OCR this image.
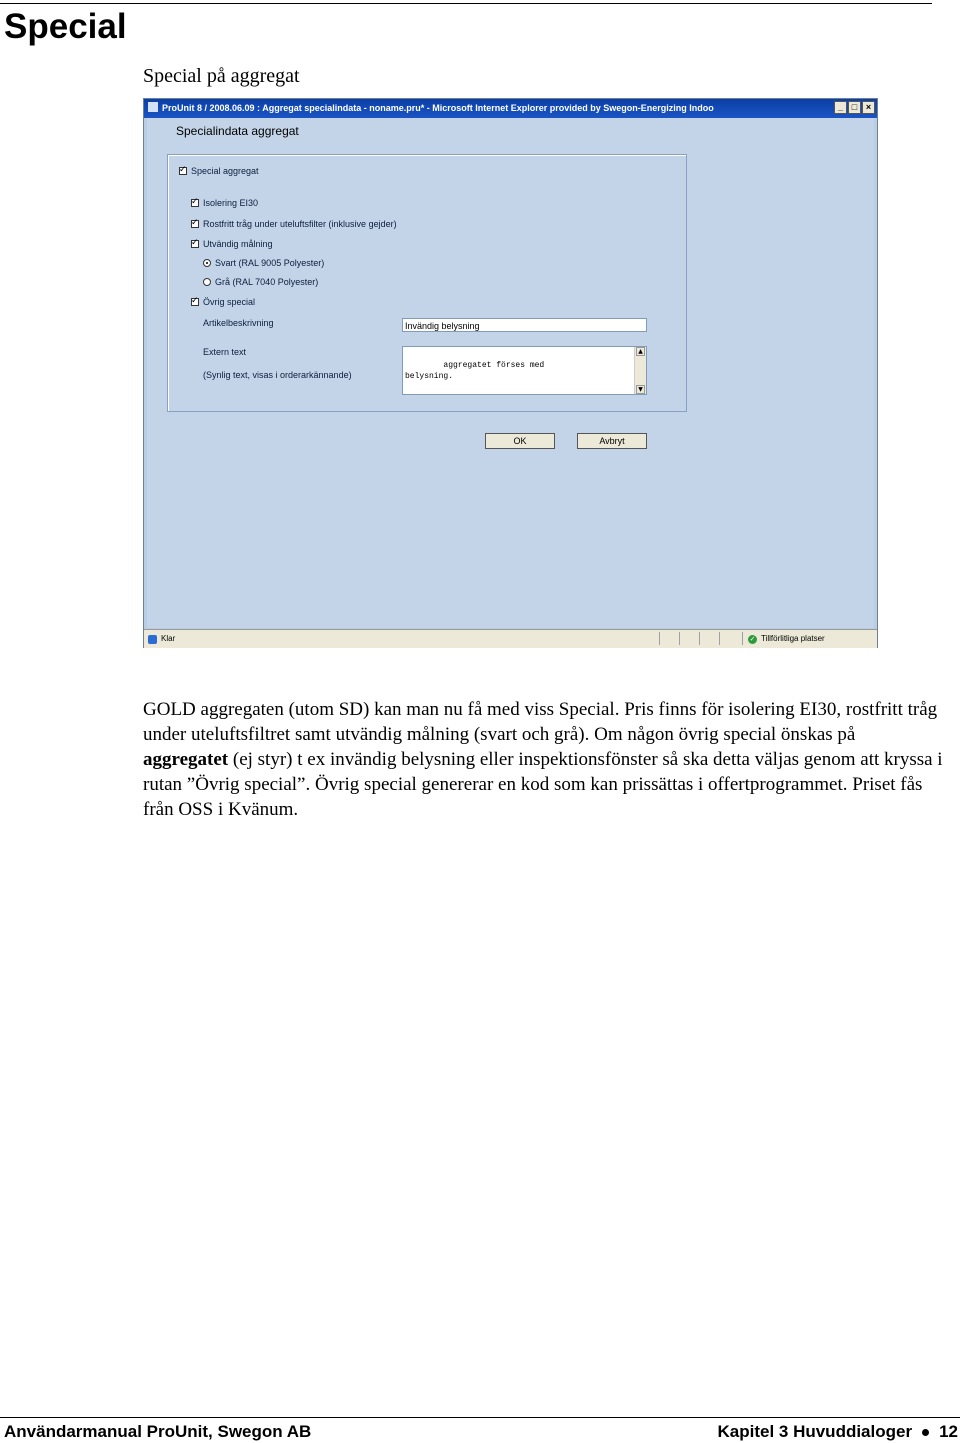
Special
Special på aggregat
ProUnit 8 / 2008.06.09 : Aggregat specialindata - noname.pru* - Microsoft Internet Explorer provided by Swegon-Energizing Indoo	_ □ ×
Specialindata aggregat
✓
Special aggregat
✓
Isolering EI30
✓
Rostfritt tråg under uteluftsfilter (inklusive gejder)
✓
Utvändig målning
Svart (RAL 9005 Polyester)
Grå (RAL 7040 Polyester)
✓
Övrig special
Artikelbeskrivning	Invändig belysning
Extern text
(Synlig text, visas i orderarkännande)

aggregatet förses med
belysning.

▲

▼

OK	Avbryt
Klar	✓ Tillförlitliga platser

GOLD aggregaten (utom SD) kan man nu få med viss Special. Pris finns för isolering EI30, rostfritt tråg under uteluftsfiltret samt utvändig målning (svart och grå). Om någon övrig special önskas på aggregatet (ej styr) t ex invändig belysning eller inspektionsfönster så ska detta väljas genom att kryssa i rutan ”Övrig special”. Övrig special genererar en kod som kan prissättas i offertprogrammet. Priset fås från OSS i Kvänum.

Användarmanual ProUnit, Swegon AB	Kapitel 3 Huvuddialoger 12
